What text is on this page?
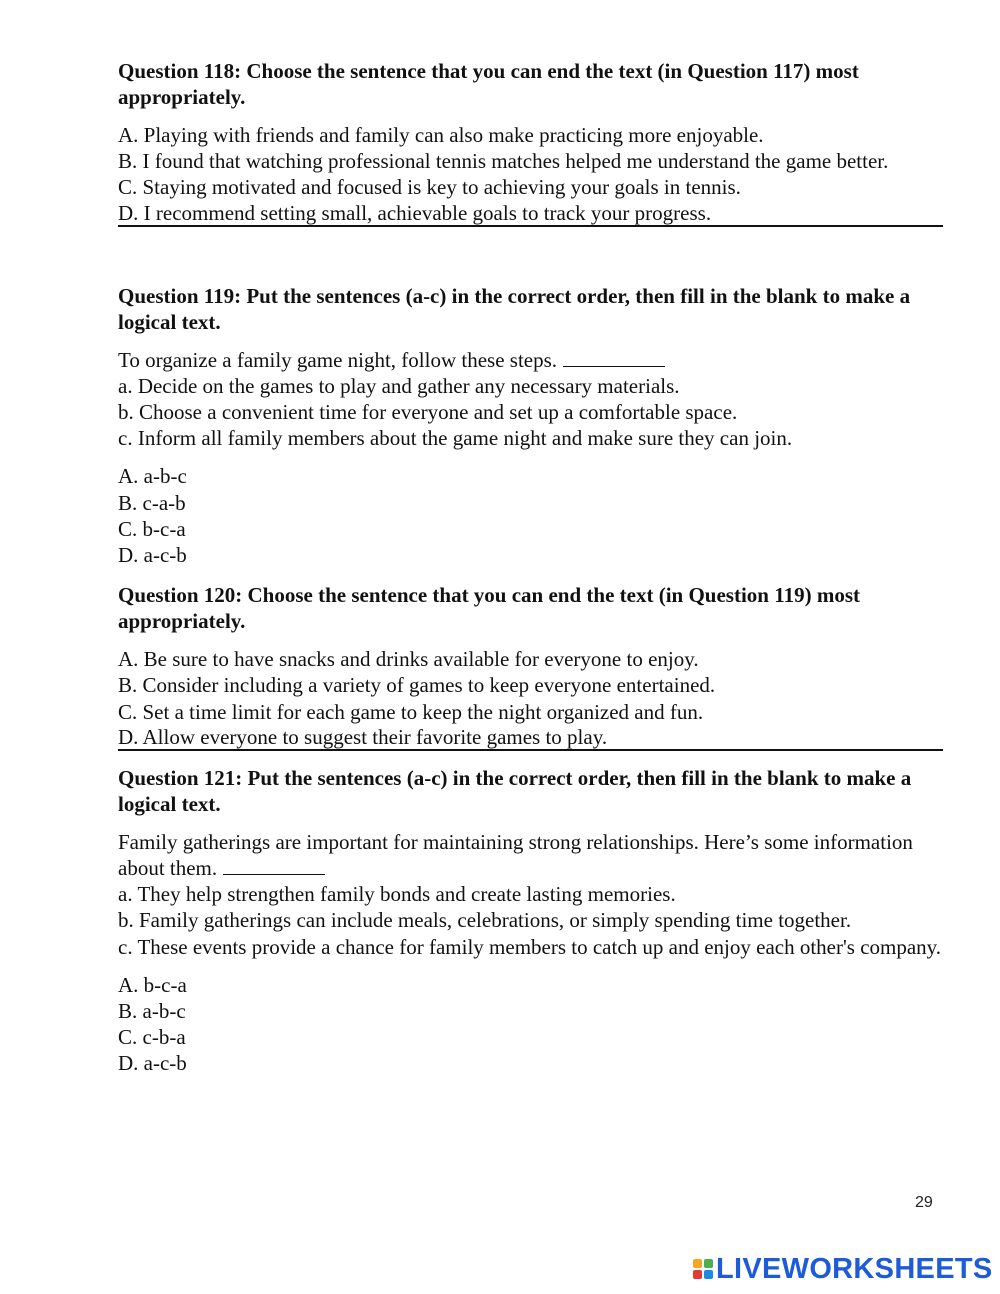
Question 118: Choose the sentence that you can end the text (in Question 117) most appropriately.

A. Playing with friends and family can also make practicing more enjoyable.
B. I found that watching professional tennis matches helped me understand the game better.
C. Staying motivated and focused is key to achieving your goals in tennis.
D. I recommend setting small, achievable goals to track your progress.

Question 119: Put the sentences (a-c) in the correct order, then fill in the blank to make a logical text.

To organize a family game night, follow these steps.
a. Decide on the games to play and gather any necessary materials.
b. Choose a convenient time for everyone and set up a comfortable space.
c. Inform all family members about the game night and make sure they can join.
A. a-b-c
B. c-a-b
C. b-c-a
D. a-c-b

Question 120: Choose the sentence that you can end the text (in Question 119) most appropriately.

A. Be sure to have snacks and drinks available for everyone to enjoy.
B. Consider including a variety of games to keep everyone entertained.
C. Set a time limit for each game to keep the night organized and fun.
D. Allow everyone to suggest their favorite games to play.

Question 121: Put the sentences (a-c) in the correct order, then fill in the blank to make a logical text.

Family gatherings are important for maintaining strong relationships. Here’s some information about them.
a. They help strengthen family bonds and create lasting memories.
b. Family gatherings can include meals, celebrations, or simply spending time together.
c. These events provide a chance for family members to catch up and enjoy each other's company.
A. b-c-a
B. a-b-c
C. c-b-a
D. a-c-b
29
LIVEWORKSHEETS
